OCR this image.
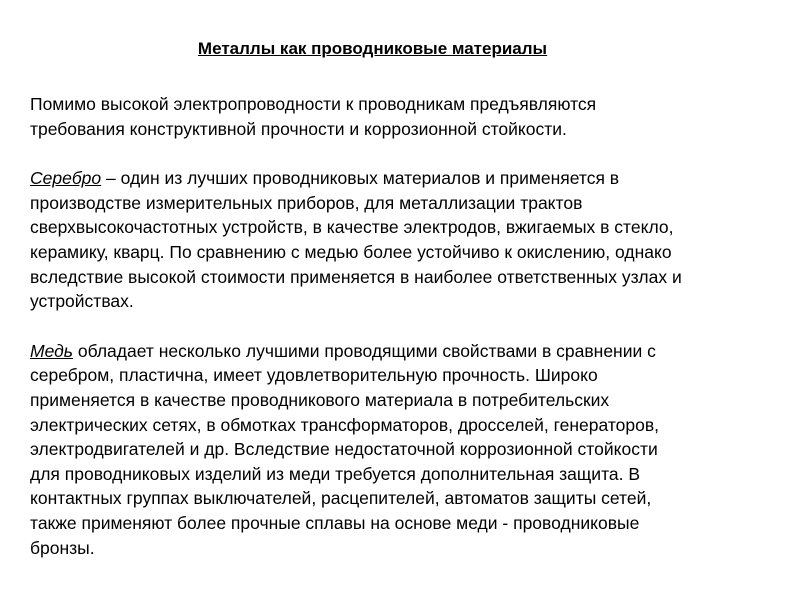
Металлы как проводниковые материалы

Помимо высокой электропроводности к проводникам предъявляются

требования конструктивной прочности и коррозионной стойкости.

Серебро – один из лучших проводниковых материалов и применяется в

производстве измерительных приборов, для металлизации трактов

сверхвысокочастотных устройств, в качестве электродов, вжигаемых в стекло,

керамику, кварц. По сравнению с медью более устойчиво к окислению, однако

вследствие высокой стоимости применяется в наиболее ответственных узлах и

устройствах.

Медь обладает несколько лучшими проводящими свойствами в сравнении с

серебром, пластична, имеет удовлетворительную прочность. Широко

применяется в качестве проводникового материала в потребительских

электрических сетях, в обмотках трансформаторов, дросселей, генераторов,

электродвигателей и др. Вследствие недостаточной коррозионной стойкости

для проводниковых изделий из меди требуется дополнительная защита. В

контактных группах выключателей, расцепителей, автоматов защиты сетей,

также применяют более прочные сплавы на основе меди - проводниковые

бронзы.
